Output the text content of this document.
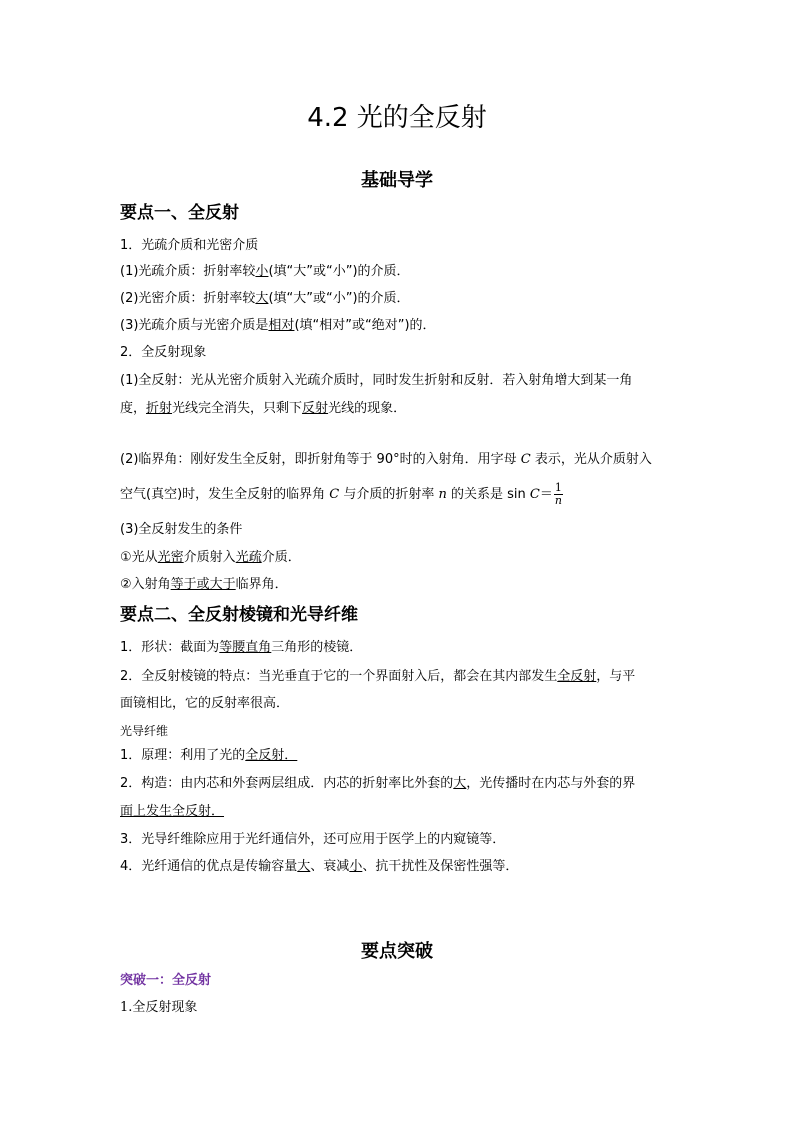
4.2 光的全反射
基础导学
要点一、全反射
1．光疏介质和光密介质
(1)光疏介质：折射率较小(填“大”或“小”)的介质．
(2)光密介质：折射率较大(填“大”或“小”)的介质．
(3)光疏介质与光密介质是相对(填“相对”或“绝对”)的．
2．全反射现象
(1)全反射：光从光密介质射入光疏介质时，同时发生折射和反射．若入射角增大到某一角
度，折射光线完全消失，只剩下反射光线的现象．
(2)临界角：刚好发生全反射，即折射角等于 90°时的入射角．用字母 C 表示，光从介质射入
空气(真空)时，发生全反射的临界角 C 与介质的折射率 n 的关系是 $\sin C= \frac{1}{n}$
(3)全反射发生的条件
①光从光密介质射入光疏介质．
②入射角等于或大于临界角．
要点二、全反射棱镜和光导纤维
1．形状：截面为等腰直角三角形的棱镜．
2．全反射棱镜的特点：当光垂直于它的一个界面射入后，都会在其内部发生全反射，与平
面镜相比，它的反射率很高．
光导纤维
1．原理：利用了光的全反射．
2．构造：由内芯和外套两层组成．内芯的折射率比外套的大，光传播时在内芯与外套的界
面上发生全反射．
3．光导纤维除应用于光纤通信外，还可应用于医学上的内窥镜等．
4．光纤通信的优点是传输容量大、衰减小、抗干扰性及保密性强等．
要点突破
突破一：全反射
1.全反射现象
